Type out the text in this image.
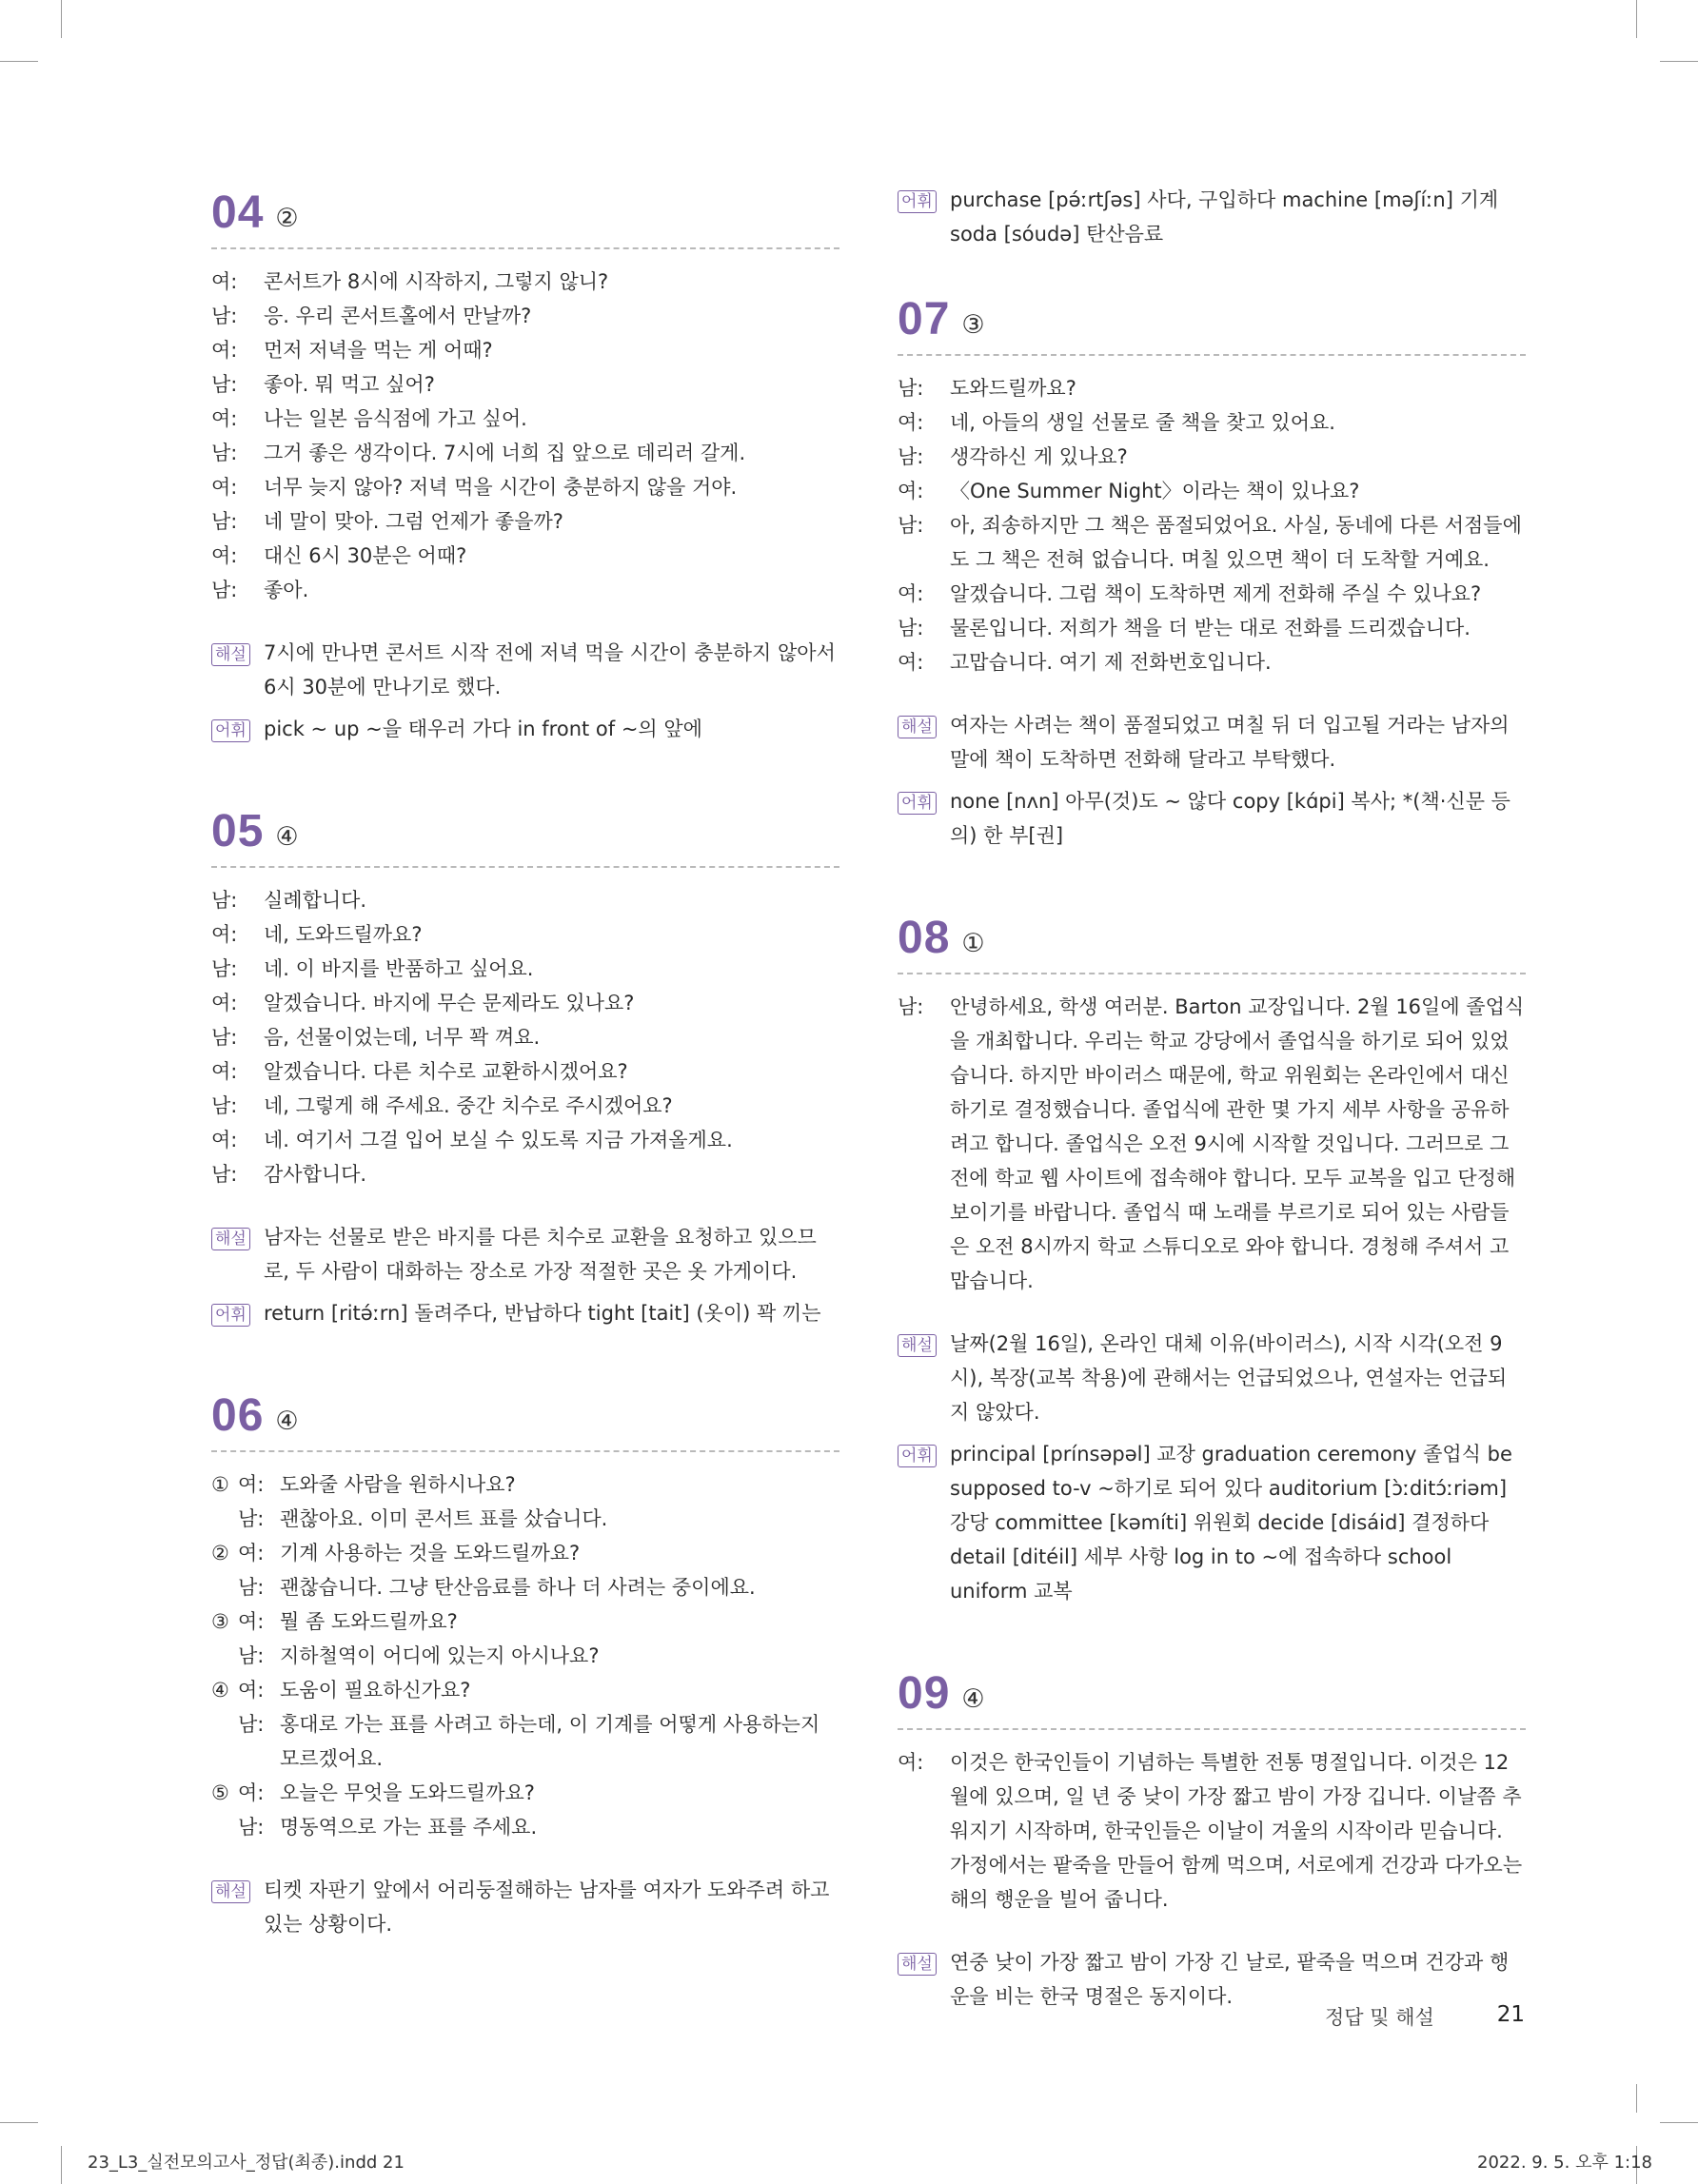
04 ②
여:	콘서트가 8시에 시작하지, 그렇지 않니?
남:	응. 우리 콘서트홀에서 만날까?
여:	먼저 저녁을 먹는 게 어때?
남:	좋아. 뭐 먹고 싶어?
여:	나는 일본 음식점에 가고 싶어.
남:	그거 좋은 생각이다. 7시에 너희 집 앞으로 데리러 갈게.
여:	너무 늦지 않아? 저녁 먹을 시간이 충분하지 않을 거야.
남:	네 말이 맞아. 그럼 언제가 좋을까?
여:	대신 6시 30분은 어때?
남:	좋아.
해설 7시에 만나면 콘서트 시작 전에 저녁 먹을 시간이 충분하지 않아서 6시 30분에 만나기로 했다.
어휘 pick ~ up ~을 태우러 가다 in front of ~의 앞에
05 ④
남:	실례합니다.
여:	네, 도와드릴까요?
남:	네. 이 바지를 반품하고 싶어요.
여:	알겠습니다. 바지에 무슨 문제라도 있나요?
남:	음, 선물이었는데, 너무 꽉 껴요.
여:	알겠습니다. 다른 치수로 교환하시겠어요?
남:	네, 그렇게 해 주세요. 중간 치수로 주시겠어요?
여:	네. 여기서 그걸 입어 보실 수 있도록 지금 가져올게요.
남:	감사합니다.
해설 남자는 선물로 받은 바지를 다른 치수로 교환을 요청하고 있으므로, 두 사람이 대화하는 장소로 가장 적절한 곳은 옷 가게이다.
어휘 return [ritə́ːrn] 돌려주다, 반납하다 tight [tait] (옷이) 꽉 끼는
06 ④
① 여: 도와줄 사람을 원하시나요?
남: 괜찮아요. 이미 콘서트 표를 샀습니다.
② 여: 기계 사용하는 것을 도와드릴까요?
남: 괜찮습니다. 그냥 탄산음료를 하나 더 사려는 중이에요.
③ 여: 뭘 좀 도와드릴까요?
남: 지하철역이 어디에 있는지 아시나요?
④ 여: 도움이 필요하신가요?
남: 홍대로 가는 표를 사려고 하는데, 이 기계를 어떻게 사용하는지 모르겠어요.
⑤ 여: 오늘은 무엇을 도와드릴까요?
남: 명동역으로 가는 표를 주세요.
해설 티켓 자판기 앞에서 어리둥절해하는 남자를 여자가 도와주려 하고 있는 상황이다.
어휘 purchase [pə́ːrtʃəs] 사다, 구입하다 machine [məʃíːn] 기계 soda [sóudə] 탄산음료
07 ③
남:	도와드릴까요?
여:	네, 아들의 생일 선물로 줄 책을 찾고 있어요.
남:	생각하신 게 있나요?
여:	〈One Summer Night〉이라는 책이 있나요?
남:	아, 죄송하지만 그 책은 품절되었어요. 사실, 동네에 다른 서점들에도 그 책은 전혀 없습니다. 며칠 있으면 책이 더 도착할 거예요.
여:	알겠습니다. 그럼 책이 도착하면 제게 전화해 주실 수 있나요?
남:	물론입니다. 저희가 책을 더 받는 대로 전화를 드리겠습니다.
여:	고맙습니다. 여기 제 전화번호입니다.
해설 여자는 사려는 책이 품절되었고 며칠 뒤 더 입고될 거라는 남자의 말에 책이 도착하면 전화해 달라고 부탁했다.
어휘 none [nʌn] 아무(것)도 ~ 않다 copy [kɑ́pi] 복사; *(책·신문 등의) 한 부[권]
08 ①
남:	안녕하세요, 학생 여러분. Barton 교장입니다. 2월 16일에 졸업식을 개최합니다. 우리는 학교 강당에서 졸업식을 하기로 되어 있었습니다. 하지만 바이러스 때문에, 학교 위원회는 온라인에서 대신 하기로 결정했습니다. 졸업식에 관한 몇 가지 세부 사항을 공유하려고 합니다. 졸업식은 오전 9시에 시작할 것입니다. 그러므로 그 전에 학교 웹 사이트에 접속해야 합니다. 모두 교복을 입고 단정해 보이기를 바랍니다. 졸업식 때 노래를 부르기로 되어 있는 사람들은 오전 8시까지 학교 스튜디오로 와야 합니다. 경청해 주셔서 고맙습니다.
해설 날짜(2월 16일), 온라인 대체 이유(바이러스), 시작 시각(오전 9시), 복장(교복 착용)에 관해서는 언급되었으나, 연설자는 언급되지 않았다.
어휘 principal [prínsəpəl] 교장 graduation ceremony 졸업식 be supposed to-v ~하기로 되어 있다 auditorium [ɔ̀ːditɔ́ːriəm] 강당 committee [kəmíti] 위원회 decide [disáid] 결정하다 detail [ditéil] 세부 사항 log in to ~에 접속하다 school uniform 교복
09 ④
여:	이것은 한국인들이 기념하는 특별한 전통 명절입니다. 이것은 12월에 있으며, 일 년 중 낮이 가장 짧고 밤이 가장 깁니다. 이날쯤 추워지기 시작하며, 한국인들은 이날이 겨울의 시작이라 믿습니다. 가정에서는 팥죽을 만들어 함께 먹으며, 서로에게 건강과 다가오는 해의 행운을 빌어 줍니다.
해설 연중 낮이 가장 짧고 밤이 가장 긴 날로, 팥죽을 먹으며 건강과 행운을 비는 한국 명절은 동지이다.
정답 및 해설	21
23_L3_실전모의고사_정답(최종).indd 21	2022. 9. 5. 오후 1:18
